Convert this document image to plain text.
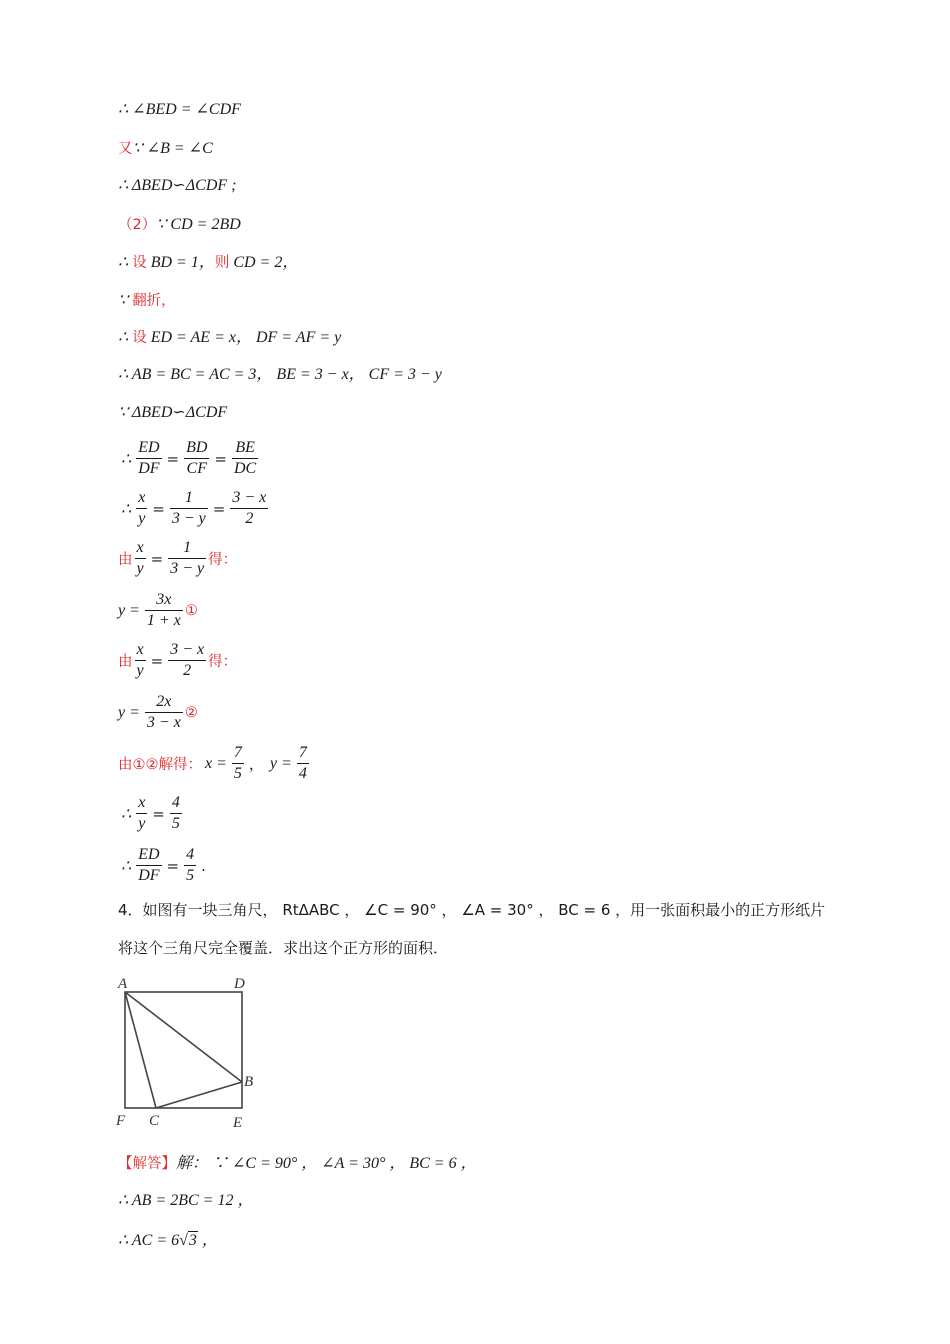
∴ ∠BED = ∠CDF
又∵ ∠B = ∠C
∴ ΔBED∽ΔCDF ;
（2）∵ CD = 2BD
∴ 设 BD = 1，则 CD = 2，
∵ 翻折，
∴ 设 ED = AE = x， DF = AF = y
∴ AB = BC = AC = 3， BE = 3 − x， CF = 3 − y
∵ ΔBED∽ΔCDF
∴ $\frac{ED}{DF} = \frac{BD}{CF} = \frac{BE}{DC}$
∴ $\frac{x}{y} = \frac{1}{3 - y} = \frac{3 - x}{2}$
由 $\frac{x}{y} = \frac{1}{3 - y}$ 得：
$y = \frac{3x}{1 + x}$ ①
由 $\frac{x}{y} = \frac{3 - x}{2}$ 得：
$y = \frac{2x}{3 - x}$ ②
由①②解得： $x = \frac{7}{5}$ ， $y = \frac{7}{4}$
∴ $\frac{x}{y} = \frac{4}{5}$
∴ $\frac{ED}{DF} = \frac{4}{5}$ .
4．如图有一块三角尺， RtΔABC ， ∠C = 90° ， ∠A = 30° ， BC = 6 ，用一张面积最小的正方形纸片
将这个三角尺完全覆盖．求出这个正方形的面积．
A	D
B
F C	E
【解答】解： ∵ ∠C = 90° ， ∠A = 30° ， BC = 6 ，
∴ AB = 2BC = 12 ，
∴ AC = 6√3 ，
